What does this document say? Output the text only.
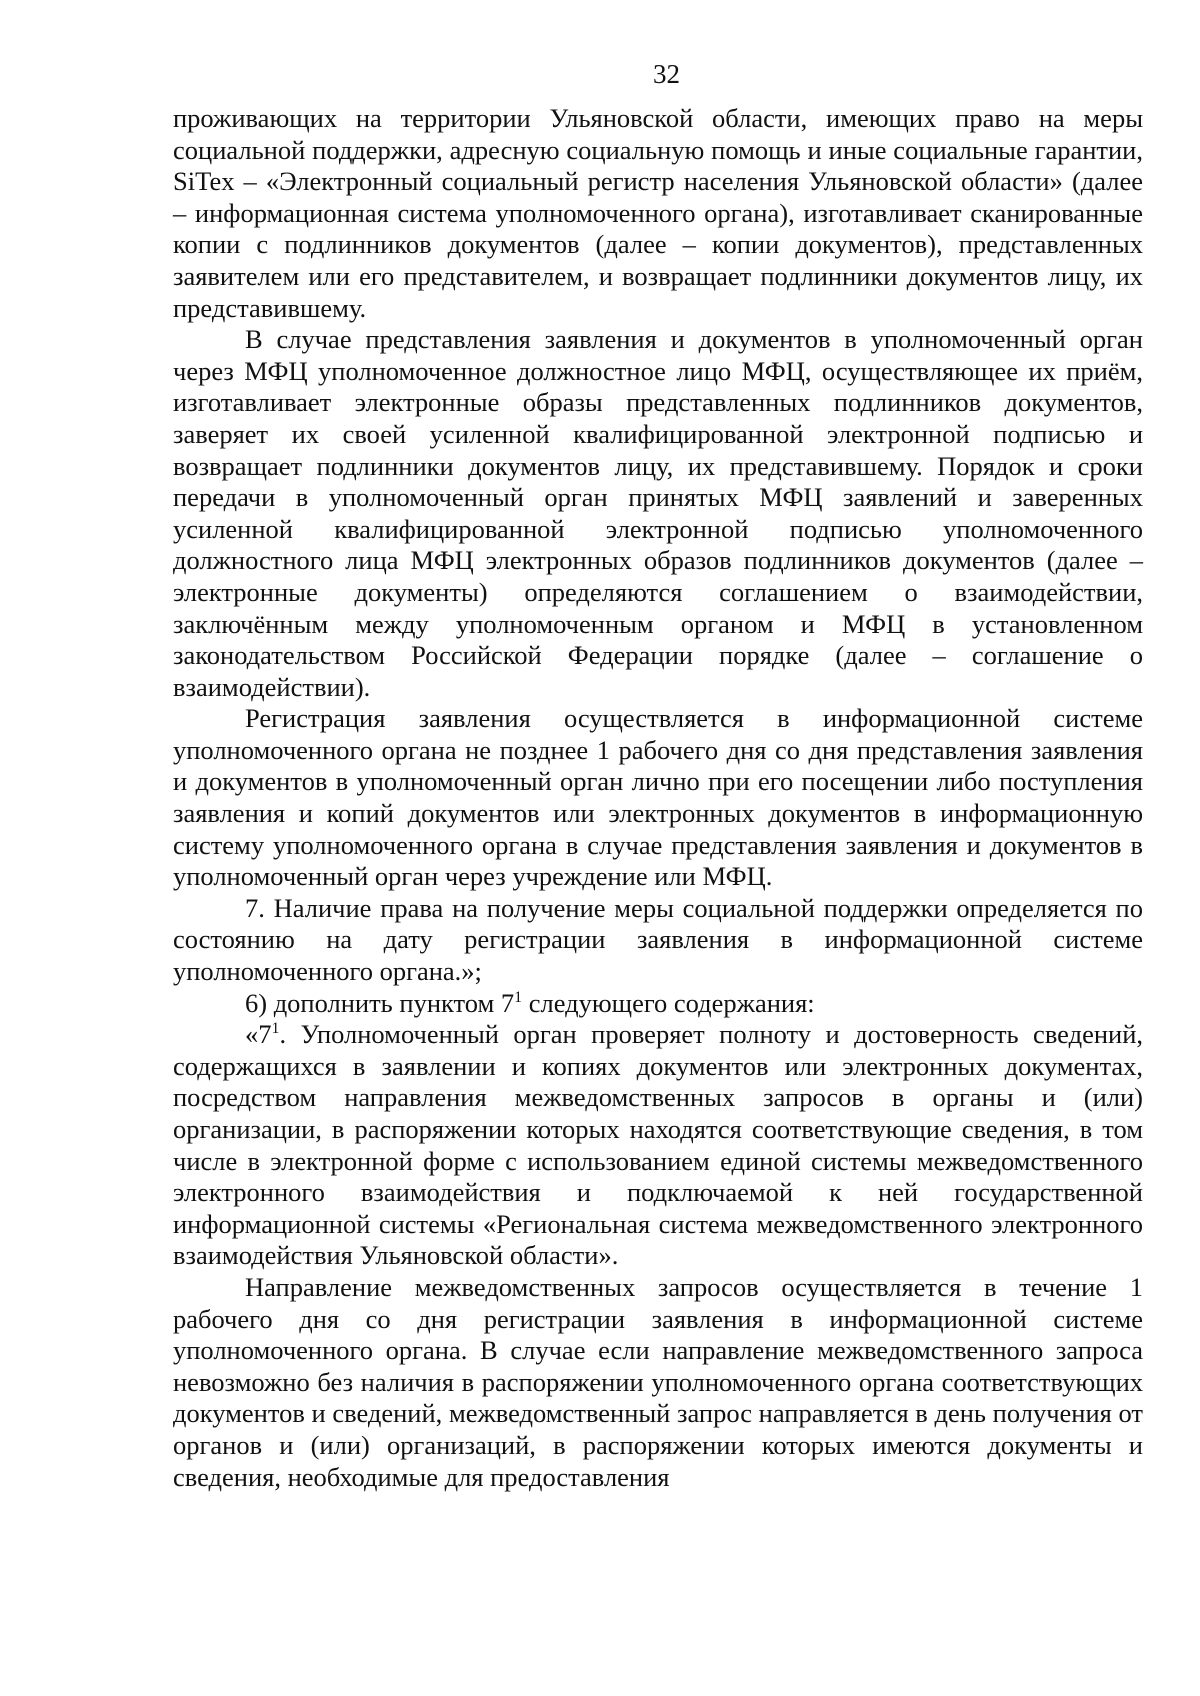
32

проживающих на территории Ульяновской области, имеющих право на меры социальной поддержки, адресную социальную помощь и иные социальные гарантии, SiTex – «Электронный социальный регистр населения Ульяновской области» (далее – информационная система уполномоченного органа), изготавливает сканированные копии с подлинников документов (далее – копии документов), представленных заявителем или его представителем, и возвращает подлинники документов лицу, их представившему.

В случае представления заявления и документов в уполномоченный орган через МФЦ уполномоченное должностное лицо МФЦ, осуществляющее их приём, изготавливает электронные образы представленных подлинников документов, заверяет их своей усиленной квалифицированной электронной подписью и возвращает подлинники документов лицу, их представившему. Порядок и сроки передачи в уполномоченный орган принятых МФЦ заявлений и заверенных усиленной квалифицированной электронной подписью уполномоченного должностного лица МФЦ электронных образов подлинников документов (далее – электронные документы) определяются соглашением о взаимодействии, заключённым между уполномоченным органом и МФЦ в установленном законодательством Российской Федерации порядке (далее – соглашение о взаимодействии).

Регистрация заявления осуществляется в информационной системе уполномоченного органа не позднее 1 рабочего дня со дня представления заявления и документов в уполномоченный орган лично при его посещении либо поступления заявления и копий документов или электронных документов в информационную систему уполномоченного органа в случае представления заявления и документов в уполномоченный орган через учреждение или МФЦ.

7. Наличие права на получение меры социальной поддержки определяется по состоянию на дату регистрации заявления в информационной системе уполномоченного органа.»;

6) дополнить пунктом $7^1$ следующего содержания:

«$7^1$. Уполномоченный орган проверяет полноту и достоверность сведений, содержащихся в заявлении и копиях документов или электронных документах, посредством направления межведомственных запросов в органы и (или) организации, в распоряжении которых находятся соответствующие сведения, в том числе в электронной форме с использованием единой системы межведомственного электронного взаимодействия и подключаемой к ней государственной информационной системы «Региональная система межведомственного электронного взаимодействия Ульяновской области».

Направление межведомственных запросов осуществляется в течение 1 рабочего дня со дня регистрации заявления в информационной системе уполномоченного органа. В случае если направление межведомственного запроса невозможно без наличия в распоряжении уполномоченного органа соответствующих документов и сведений, межведомственный запрос направляется в день получения от органов и (или) организаций, в распоряжении которых имеются документы и сведения, необходимые для предоставления
